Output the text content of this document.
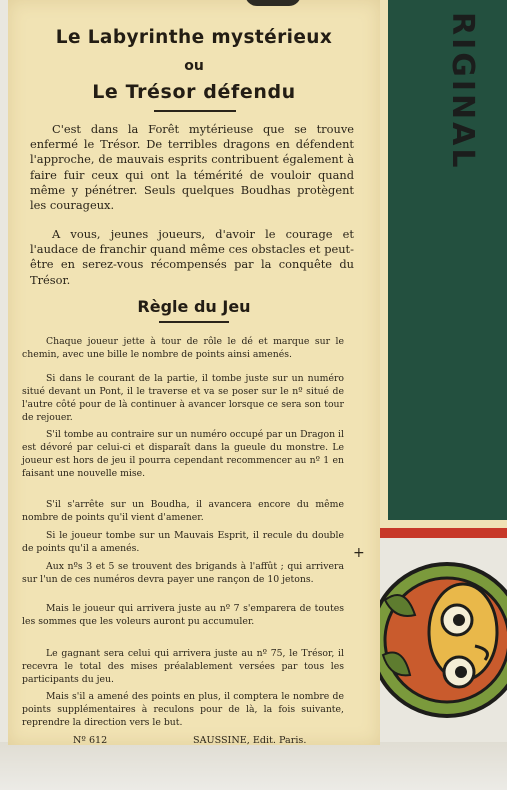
RIGINAL
Le Labyrinthe mystérieux
ou
Le Trésor défendu

C'est dans la Forêt mytérieuse que se trouve enfermé le Trésor. De terribles dragons en défendent l'approche, de mauvais esprits contribuent également à faire fuir ceux qui ont la témérité de vouloir quand même y pénétrer. Seuls quelques Boudhas protègent les courageux.

A vous, jeunes joueurs, d'avoir le courage et l'audace de franchir quand même ces obstacles et peut-être en serez-vous récompensés par la conquête du Trésor.

Règle du Jeu

Chaque joueur jette à tour de rôle le dé et marque sur le chemin, avec une bille le nombre de points ainsi amenés.

Si dans le courant de la partie, il tombe juste sur un numéro situé devant un Pont, il le traverse et va se poser sur le nº situé de l'autre côté pour de là continuer à avancer lorsque ce sera son tour de rejouer.

S'il tombe au contraire sur un numéro occupé par un Dragon il est dévoré par celui-ci et disparaît dans la gueule du monstre. Le joueur est hors de jeu il pourra cependant recommencer au nº 1 en faisant une nouvelle mise.

S'il s'arrête sur un Boudha, il avancera encore du même nombre de points qu'il vient d'amener.

Si le joueur tombe sur un Mauvais Esprit, il recule du double de points qu'il a amenés.

Aux nºs 3 et 5 se trouvent des brigands à l'affût ; qui arrivera sur l'un de ces numéros devra payer une rançon de 10 jetons.

Mais le joueur qui arrivera juste au nº 7 s'emparera de toutes les sommes que les voleurs auront pu accumuler.

Le gagnant sera celui qui arrivera juste au nº 75, le Trésor, il recevra le total des mises préalablement versées par tous les participants du jeu.

Mais s'il a amené des points en plus, il comptera le nombre de points supplémentaires à reculons pour de là, la fois suivante, reprendre la direction vers le but.

Nº 612	SAUSSINE, Edit. Paris.
+
